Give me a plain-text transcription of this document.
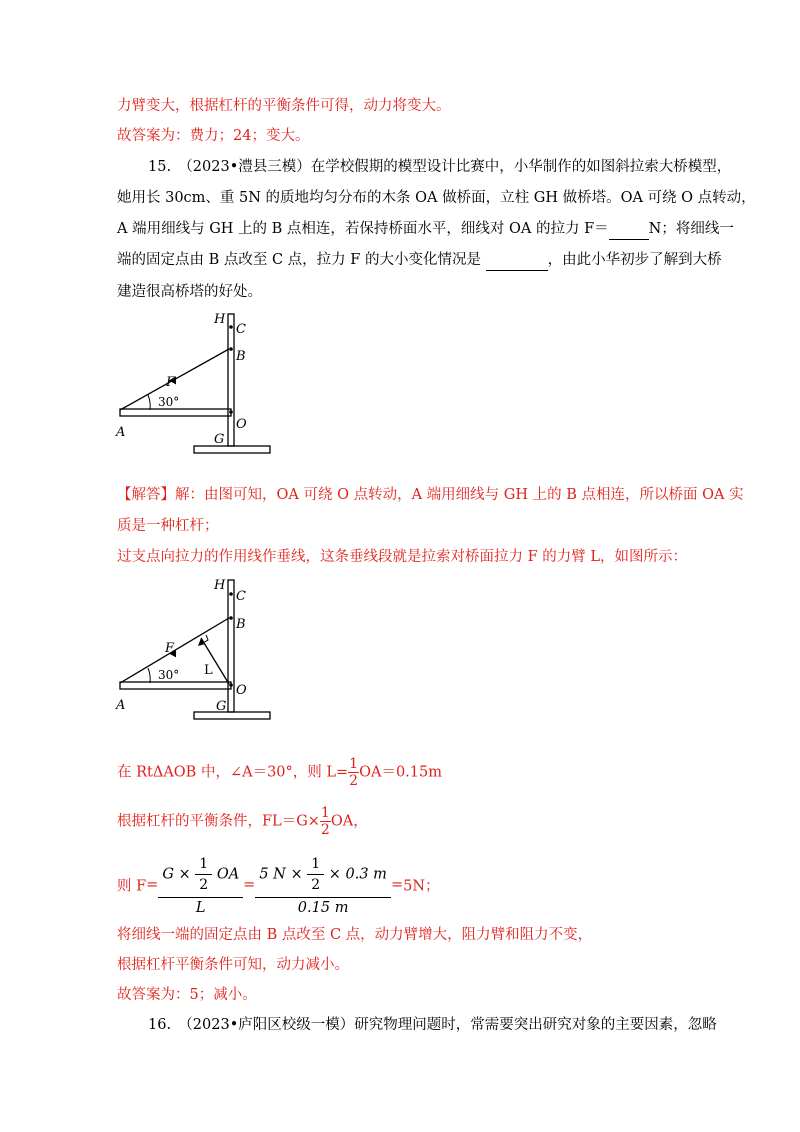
力臂变大，根据杠杆的平衡条件可得，动力将变大。
故答案为：费力；24；变大。
15.　（2023•澧县三模）在学校假期的模型设计比赛中，小华制作的如图斜拉索大桥模型，
她用长 30cm、重 5N 的质地均匀分布的木条 OA 做桥面，立柱 GH 做桥塔。OA 可绕 O 点转动，
A 端用细线与 GH 上的 B 点相连，若保持桥面水平，细线对 OA 的拉力 F＝	N；将细线一
端的固定点由 B 点改至 C 点，拉力 F 的大小变化情况是	，由此小华初步了解到大桥
建造很高桥塔的好处。
H
C
B
F
30°
A
O
G
【解答】解：由图可知，OA 可绕 O 点转动，A 端用细线与 GH 上的 B 点相连，所以桥面 OA 实
质是一种杠杆；
过支点向拉力的作用线作垂线，这条垂线段就是拉索对桥面拉力 F 的力臂 L，如图所示：
H
C
B
F
L
30°
A
O
G
在 RtΔAOB 中，∠A＝30°，则 $L= \frac{1}{2} OA=0.15m$
根据杠杆的平衡条件，$FL=G\times \frac{1}{2}$ OA，
则 $F= \frac{G \times \frac{1}{2} OA}{L} = \frac{5 N \times \frac{1}{2} \times 0.3 m}{0.15 m} =5N$；
将细线一端的固定点由 B 点改至 C 点，动力臂增大，阻力臂和阻力不变，
根据杠杆平衡条件可知，动力减小。
故答案为：5；减小。
16.　（2023•庐阳区校级一模）研究物理问题时，常需要突出研究对象的主要因素，忽略
